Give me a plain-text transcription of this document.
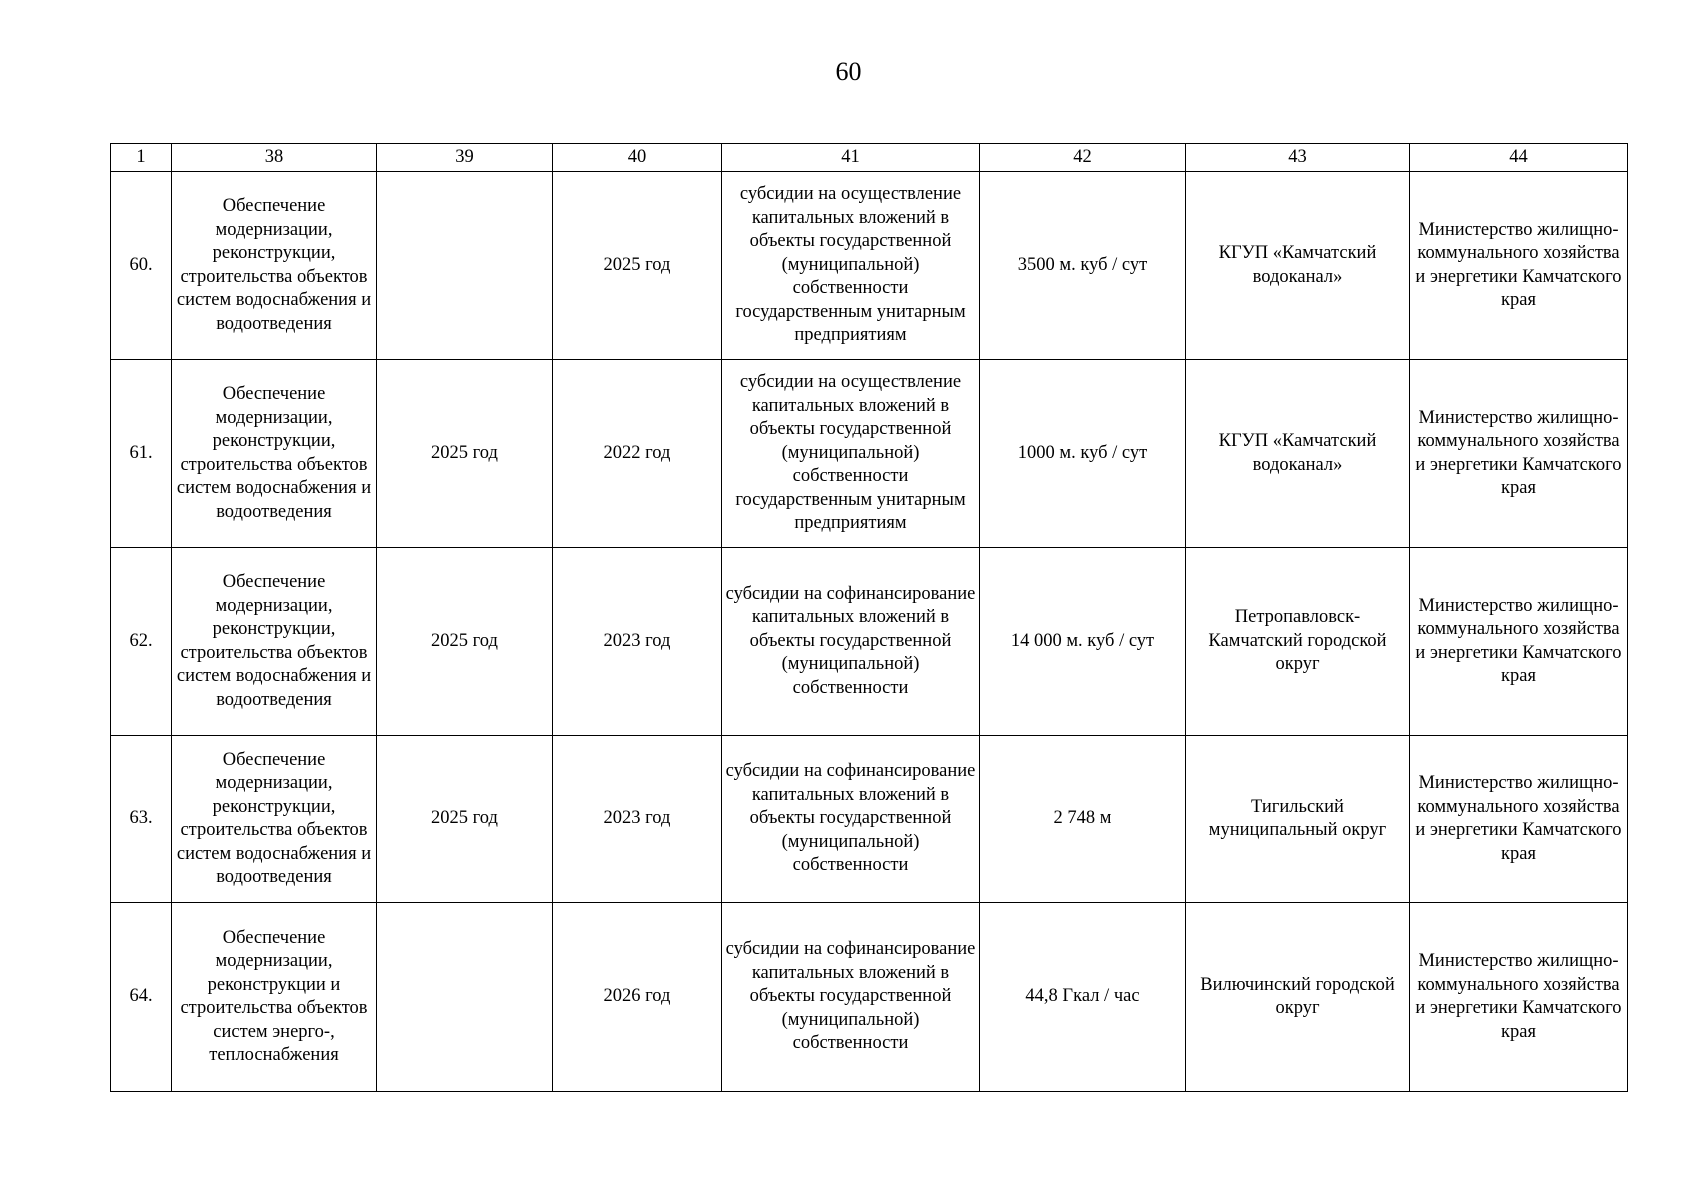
60
1	38	39	40	41	42	43	44
60.	Обеспечение модернизации, реконструкции, строительства объектов систем водоснабжения и водоотведения		2025 год	субсидии на осуществление капитальных вложений в объекты государственной (муниципальной) собственности государственным унитарным предприятиям	3500 м. куб / сут	КГУП «Камчатский водоканал»	Министерство жилищно-коммунального хозяйства и энергетики Камчатского края
61.	Обеспечение модернизации, реконструкции, строительства объектов систем водоснабжения и водоотведения	2025 год	2022 год	субсидии на осуществление капитальных вложений в объекты государственной (муниципальной) собственности государственным унитарным предприятиям	1000 м. куб / сут	КГУП «Камчатский водоканал»	Министерство жилищно-коммунального хозяйства и энергетики Камчатского края
62.	Обеспечение модернизации, реконструкции, строительства объектов систем водоснабжения и водоотведения	2025 год	2023 год	субсидии на софинансирование капитальных вложений в объекты государственной (муниципальной) собственности	14 000 м. куб / сут	Петропавловск-Камчатский городской округ	Министерство жилищно-коммунального хозяйства и энергетики Камчатского края
63.	Обеспечение модернизации, реконструкции, строительства объектов систем водоснабжения и водоотведения	2025 год	2023 год	субсидии на софинансирование капитальных вложений в объекты государственной (муниципальной) собственности	2 748 м	Тигильский муниципальный округ	Министерство жилищно-коммунального хозяйства и энергетики Камчатского края
64.	Обеспечение модернизации, реконструкции и строительства объектов систем энерго-, теплоснабжения		2026 год	субсидии на софинансирование капитальных вложений в объекты государственной (муниципальной) собственности	44,8 Гкал / час	Вилючинский городской округ	Министерство жилищно-коммунального хозяйства и энергетики Камчатского края
